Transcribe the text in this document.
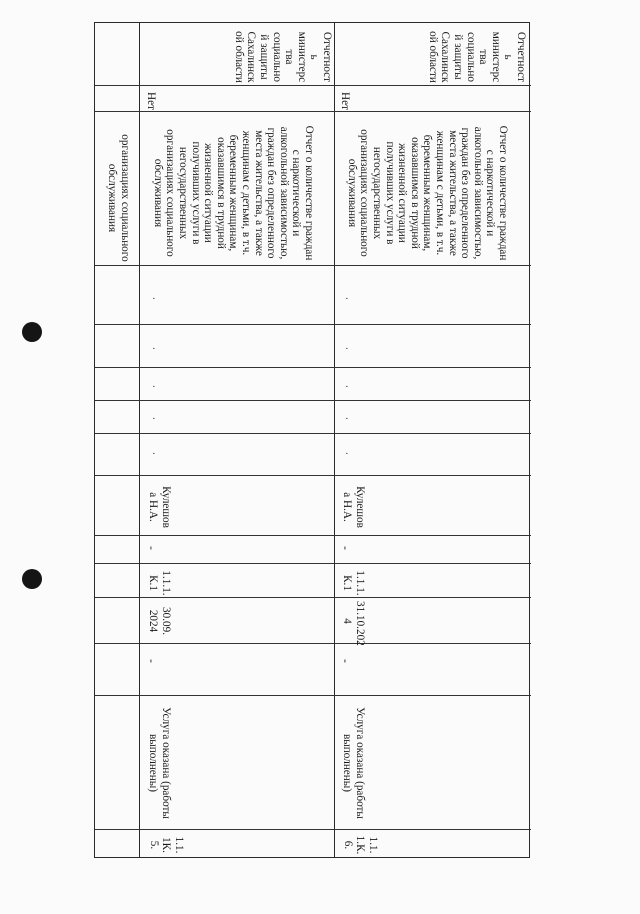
организациях социального
обслуживания
Отчетност
ь
министерс
тва
социально
й защиты
Сахалинск
ой области
Нет
Отчет о количестве граждан
с наркотической и
алкогольной зависимостью,
граждан без определенного
места жительства, а также
женщинам с детьми, в т.ч.
беременным женщинам,
оказавшимся в трудной
жизненной ситуации
получивших услуги в
негосударственных
организациях социального
обслуживания
Кулешов
а Н.А.
-
1.1.1.
К.1
30.09.
2024
-
Услуга оказана (работы
выполнены)
1.1.
1К.
5.
Отчетност
ь
министерс
тва
социально
й защиты
Сахалинск
ой области
Нет
Отчет о количестве граждан
с наркотической и
алкогольной зависимостью,
граждан без определенного
места жительства, а также
женщинам с детьми, в т.ч.
беременным женщинам,
оказавшимся в трудной
жизненной ситуации
получивших услуги в
негосударственных
организациях социального
обслуживания
Кулешов
а Н.А.
-
1.1.1.
К.1
31.10.202
4
-
Услуга оказана (работы
выполнены)
1.1.
1.К.
6.
·
·
·
·
·
·
·
·
·
·
